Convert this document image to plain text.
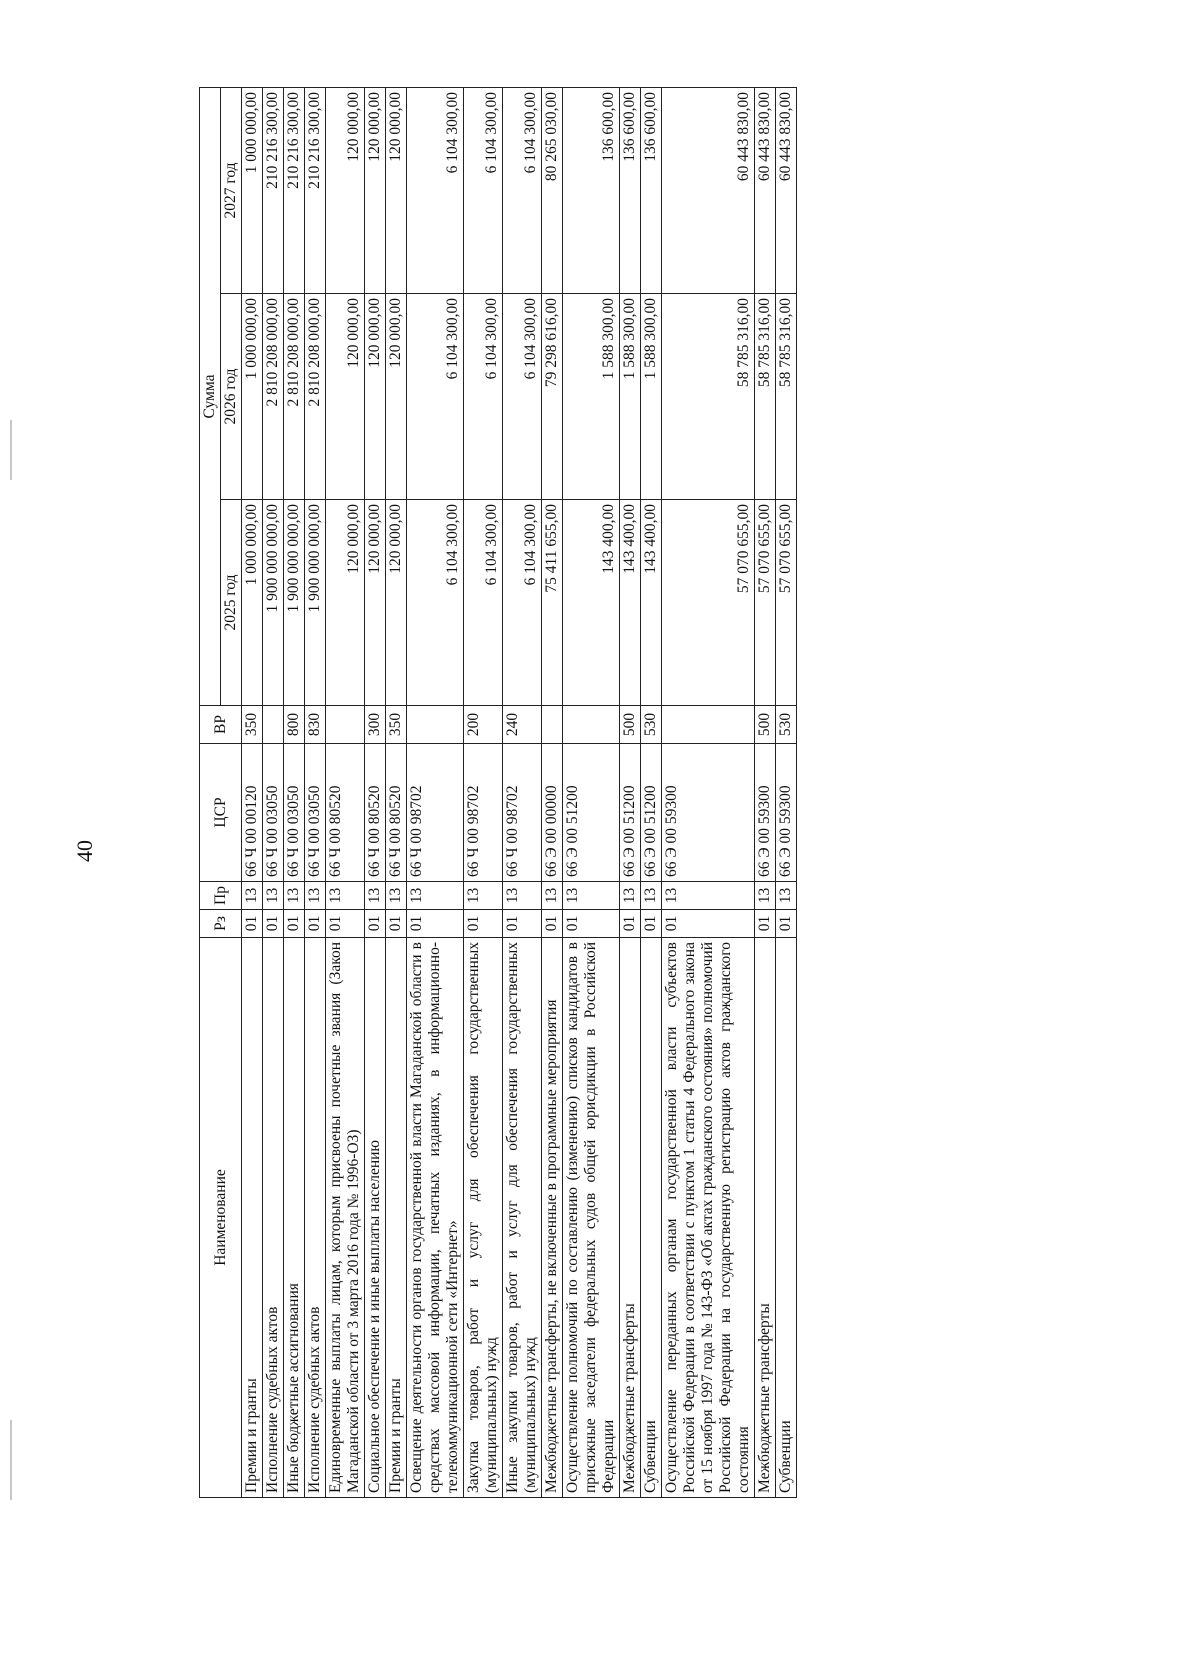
40
Наименование	Рз	Пр	ЦСР	ВР	Сумма		
					2025 год	2026 год	2027 год
Премии и гранты	01	13	66 Ч 00 00120	350	1 000 000,00	1 000 000,00	1 000 000,00
Исполнение судебных актов	01	13	66 Ч 00 03050		1 900 000 000,00	2 810 208 000,00	210 216 300,00
Иные бюджетные ассигнования	01	13	66 Ч 00 03050	800	1 900 000 000,00	2 810 208 000,00	210 216 300,00
Исполнение судебных актов	01	13	66 Ч 00 03050	830	1 900 000 000,00	2 810 208 000,00	210 216 300,00
Единовременные выплаты лицам, которым присвоены почетные звания (Закон Магаданской области от 3 марта 2016 года № 1996-ОЗ)	01	13	66 Ч 00 80520		120 000,00	120 000,00	120 000,00
Социальное обеспечение и иные выплаты населению	01	13	66 Ч 00 80520	300	120 000,00	120 000,00	120 000,00
Премии и гранты	01	13	66 Ч 00 80520	350	120 000,00	120 000,00	120 000,00
Освещение деятельности органов государственной власти Магаданской области в средствах массовой информации, печатных изданиях, в информационно-телекоммуникационной сети «Интернет»	01	13	66 Ч 00 98702		6 104 300,00	6 104 300,00	6 104 300,00
Закупка товаров, работ и услуг для обеспечения государственных (муниципальных) нужд	01	13	66 Ч 00 98702	200	6 104 300,00	6 104 300,00	6 104 300,00
Иные закупки товаров, работ и услуг для обеспечения государственных (муниципальных) нужд	01	13	66 Ч 00 98702	240	6 104 300,00	6 104 300,00	6 104 300,00
Межбюджетные трансферты, не включенные в программные мероприятия	01	13	66 Э 00 00000		75 411 655,00	79 298 616,00	80 265 030,00
Осуществление полномочий по составлению (изменению) списков кандидатов в присяжные заседатели федеральных судов общей юрисдикции в Российской Федерации	01	13	66 Э 00 51200		143 400,00	1 588 300,00	136 600,00
Межбюджетные трансферты	01	13	66 Э 00 51200	500	143 400,00	1 588 300,00	136 600,00
Субвенции	01	13	66 Э 00 51200	530	143 400,00	1 588 300,00	136 600,00
Осуществление переданных органам государственной власти субъектов Российской Федерации в соответствии с пунктом 1 статьи 4 Федерального закона от 15 ноября 1997 года № 143-ФЗ «Об актах гражданского состояния» полномочий Российской Федерации на государственную регистрацию актов гражданского состояния	01	13	66 Э 00 59300		57 070 655,00	58 785 316,00	60 443 830,00
Межбюджетные трансферты	01	13	66 Э 00 59300	500	57 070 655,00	58 785 316,00	60 443 830,00
Субвенции	01	13	66 Э 00 59300	530	57 070 655,00	58 785 316,00	60 443 830,00
